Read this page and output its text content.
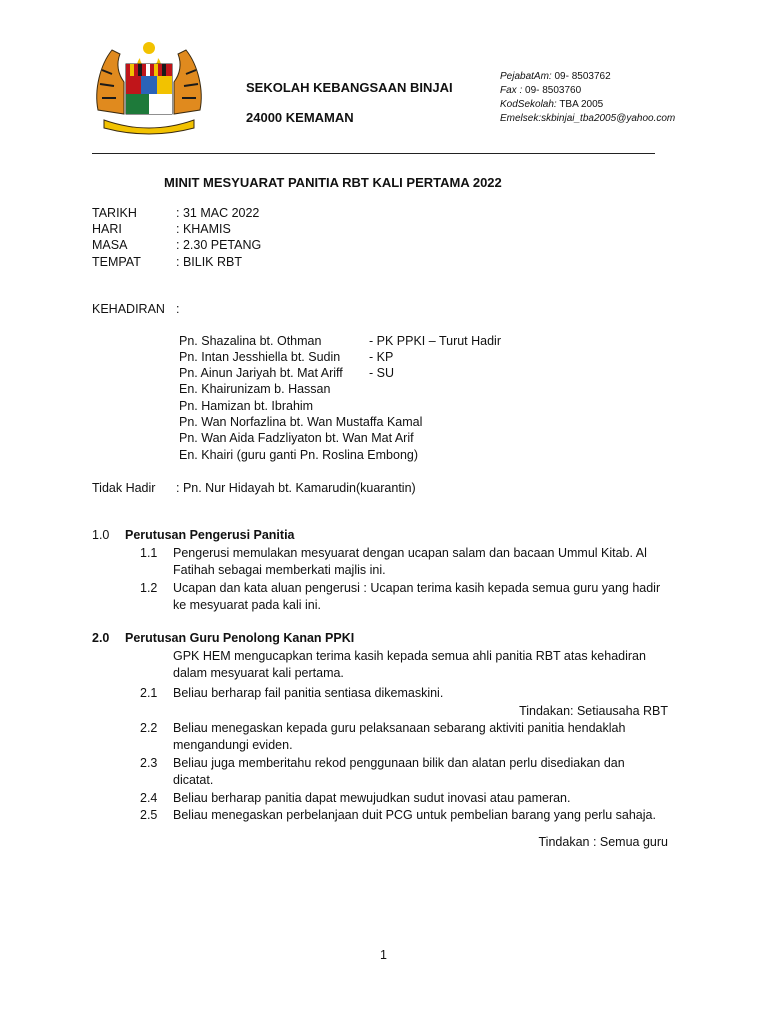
SEKOLAH KEBANGSAAN BINJAI
24000 KEMAMAN
PejabatAm: 09- 8503762
Fax : 09- 8503760
KodSekolah: TBA 2005
Emelsek:skbinjai_tba2005@yahoo.com
MINIT MESYUARAT PANITIA RBT KALI PERTAMA 2022
TARIKH	: 31 MAC 2022
HARI	: KHAMIS
MASA	: 2.30 PETANG
TEMPAT	: BILIK RBT
KEHADIRAN :
Pn. Shazalina bt. Othman	- PK PPKI – Turut Hadir
Pn. Intan Jesshiella bt. Sudin - KP
Pn. Ainun Jariyah bt. Mat Ariff - SU
En. Khairunizam b. Hassan
Pn. Hamizan bt. Ibrahim
Pn. Wan Norfazlina bt. Wan Mustaffa Kamal
Pn. Wan Aida Fadzliyaton bt. Wan Mat Arif
En. Khairi (guru ganti Pn. Roslina Embong)
Tidak Hadir : Pn. Nur Hidayah bt. Kamarudin(kuarantin)
1.0 Perutusan Pengerusi Panitia
1.1 Pengerusi memulakan mesyuarat dengan ucapan salam dan bacaan Ummul Kitab. Al
Fatihah sebagai memberkati majlis ini.
1.2 Ucapan dan kata aluan pengerusi : Ucapan terima kasih kepada semua guru yang hadir
ke mesyuarat pada kali ini.
2.0 Perutusan Guru Penolong Kanan PPKI
GPK HEM mengucapkan terima kasih kepada semua ahli panitia RBT atas kehadiran
dalam mesyuarat kali pertama.
2.1 Beliau berharap fail panitia sentiasa dikemaskini.
Tindakan: Setiausaha RBT
2.2 Beliau menegaskan kepada guru pelaksanaan sebarang aktiviti panitia hendaklah
mengandungi eviden.
2.3 Beliau juga memberitahu rekod penggunaan bilik dan alatan perlu disediakan dan
dicatat.
2.4 Beliau berharap panitia dapat mewujudkan sudut inovasi atau pameran.
2.5 Beliau menegaskan perbelanjaan duit PCG untuk pembelian barang yang perlu sahaja.
Tindakan : Semua guru
1
